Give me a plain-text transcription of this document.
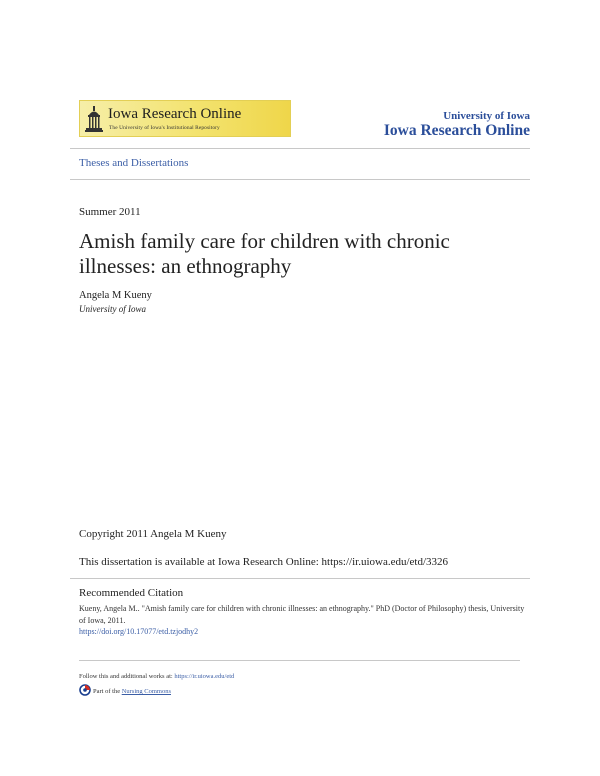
Iowa Research Online
The University of Iowa's Institutional Repository
University of Iowa
Iowa Research Online
Theses and Dissertations
Summer 2011
Amish family care for children with chronic illnesses: an ethnography
Angela M Kueny
University of Iowa
Copyright 2011 Angela M Kueny
This dissertation is available at Iowa Research Online: https://ir.uiowa.edu/etd/3326
Recommended Citation
Kueny, Angela M.. "Amish family care for children with chronic illnesses: an ethnography." PhD (Doctor of Philosophy) thesis, University of Iowa, 2011.
https://doi.org/10.17077/etd.tzjodhy2
Follow this and additional works at: https://ir.uiowa.edu/etd
Part of the Nursing Commons
